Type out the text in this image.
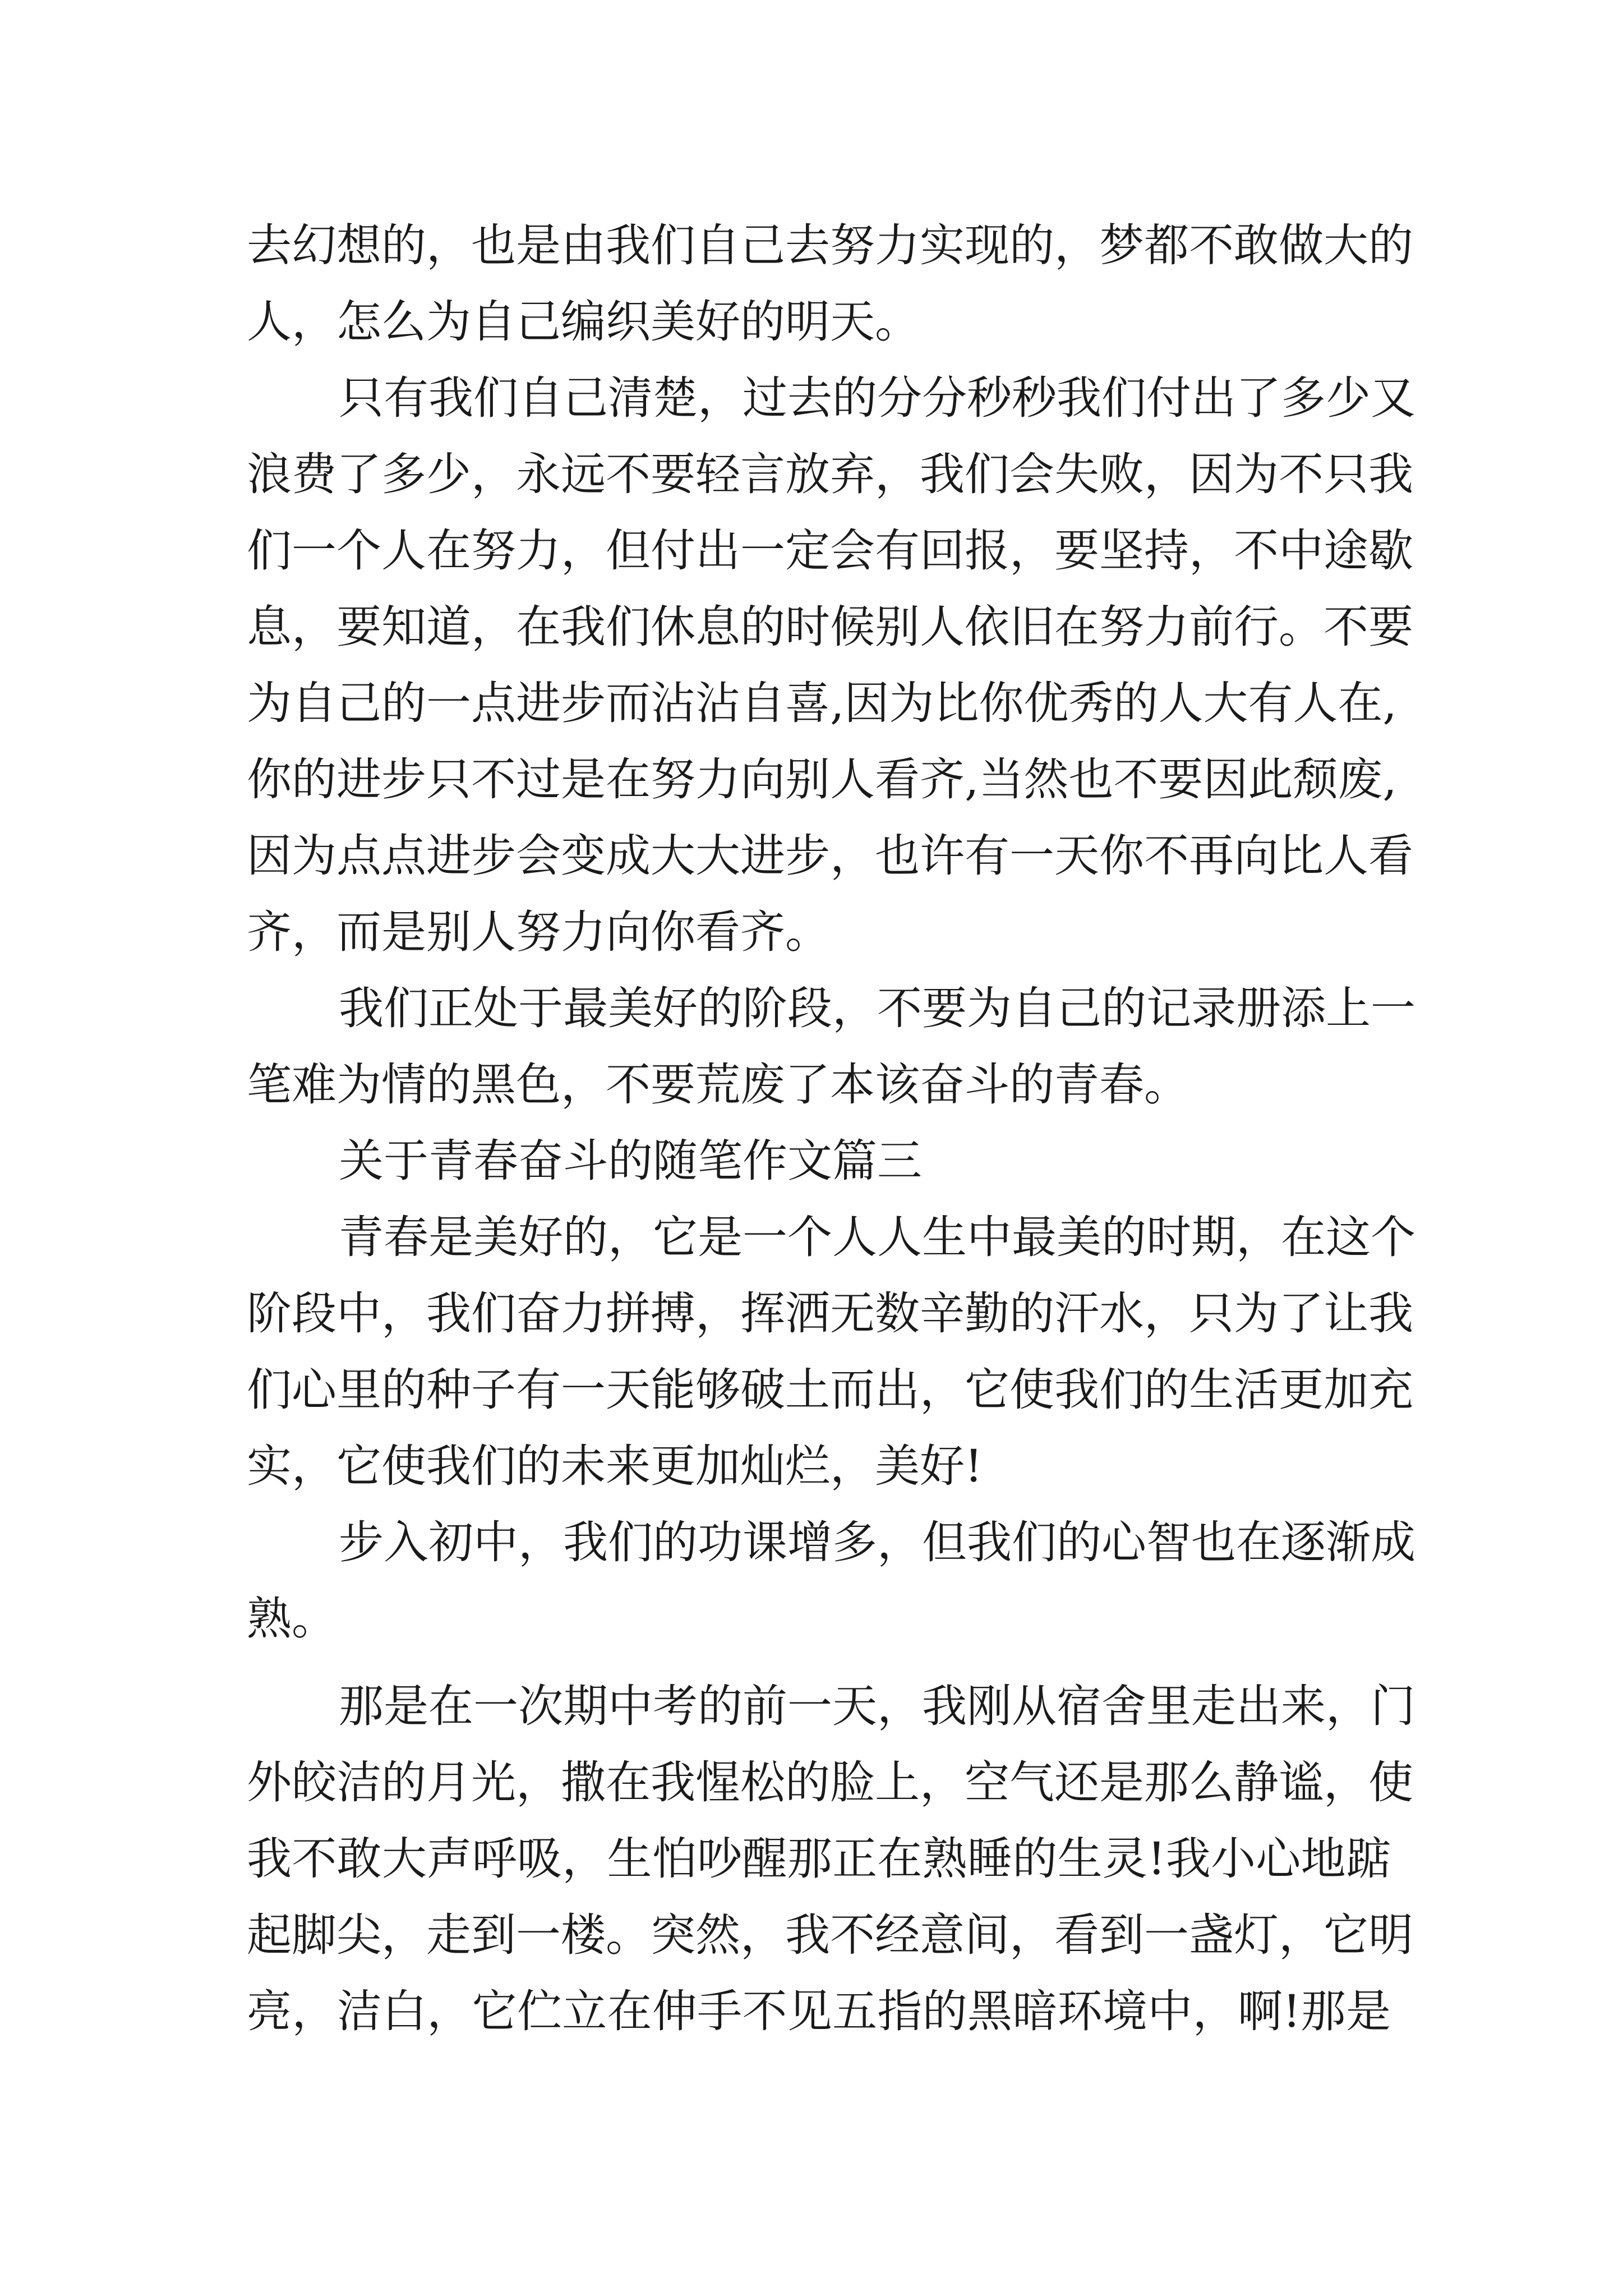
去幻想的，也是由我们自己去努力实现的，梦都不敢做大的
人，怎么为自己编织美好的明天。
只有我们自己清楚，过去的分分秒秒我们付出了多少又
浪费了多少，永远不要轻言放弃，我们会失败，因为不只我
们一个人在努力，但付出一定会有回报，要坚持，不中途歇
息，要知道，在我们休息的时候别人依旧在努力前行。不要
为自己的一点进步而沾沾自喜,因为比你优秀的人大有人在,
你的进步只不过是在努力向别人看齐,当然也不要因此颓废,
因为点点进步会变成大大进步，也许有一天你不再向比人看
齐，而是别人努力向你看齐。
我们正处于最美好的阶段，不要为自己的记录册添上一
笔难为情的黑色，不要荒废了本该奋斗的青春。
关于青春奋斗的随笔作文篇三
青春是美好的，它是一个人人生中最美的时期，在这个
阶段中，我们奋力拼搏，挥洒无数辛勤的汗水，只为了让我
们心里的种子有一天能够破土而出，它使我们的生活更加充
实，它使我们的未来更加灿烂，美好!
步入初中，我们的功课增多，但我们的心智也在逐渐成
熟。
那是在一次期中考的前一天，我刚从宿舍里走出来，门
外皎洁的月光，撒在我惺松的脸上，空气还是那么静谧，使
我不敢大声呼吸，生怕吵醒那正在熟睡的生灵!我小心地踮
起脚尖，走到一楼。突然，我不经意间，看到一盏灯，它明
亮，洁白，它伫立在伸手不见五指的黑暗环境中，啊!那是
